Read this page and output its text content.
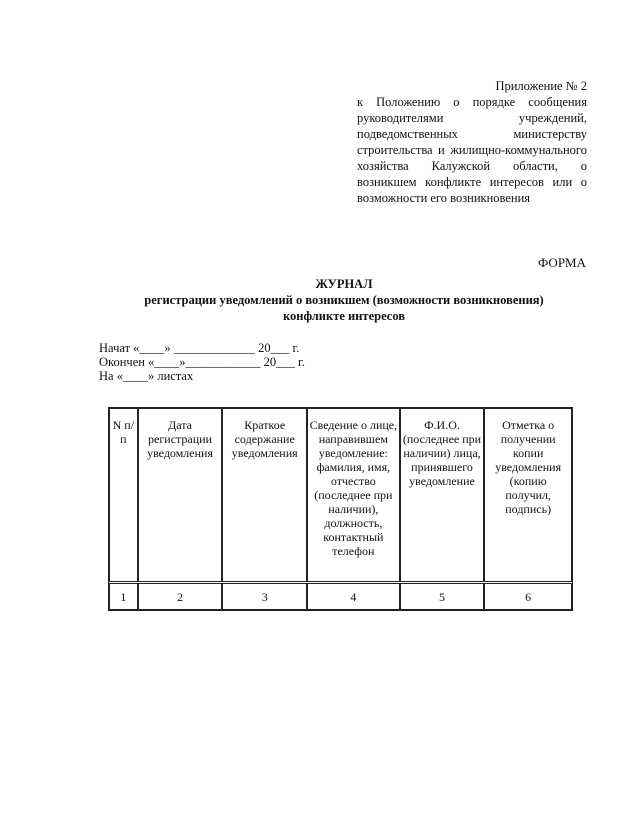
Приложение № 2
к Положению о порядке сообщения руководителями учреждений, подведомственных министерству строительства и жилищно-коммунального хозяйства Калужской области, о возникшем конфликте интересов или о возможности его возникновения
ФОРМА
ЖУРНАЛ
регистрации уведомлений о возникшем (возможности возникновения)
конфликте интересов
Начат «____» _____________ 20___ г.
Окончен «____»____________ 20___ г.
На «____» листах
N п/п	Дата регистрации уведомления	Краткое содержание уведомления	Сведение о лице, направившем уведомление: фамилия, имя, отчество (последнее при наличии), должность, контактный телефон	Ф.И.О. (последнее при наличии) лица, принявшего уведомление	Отметка о получении копии уведомления (копию получил, подпись)

1	2	3	4	5	6
